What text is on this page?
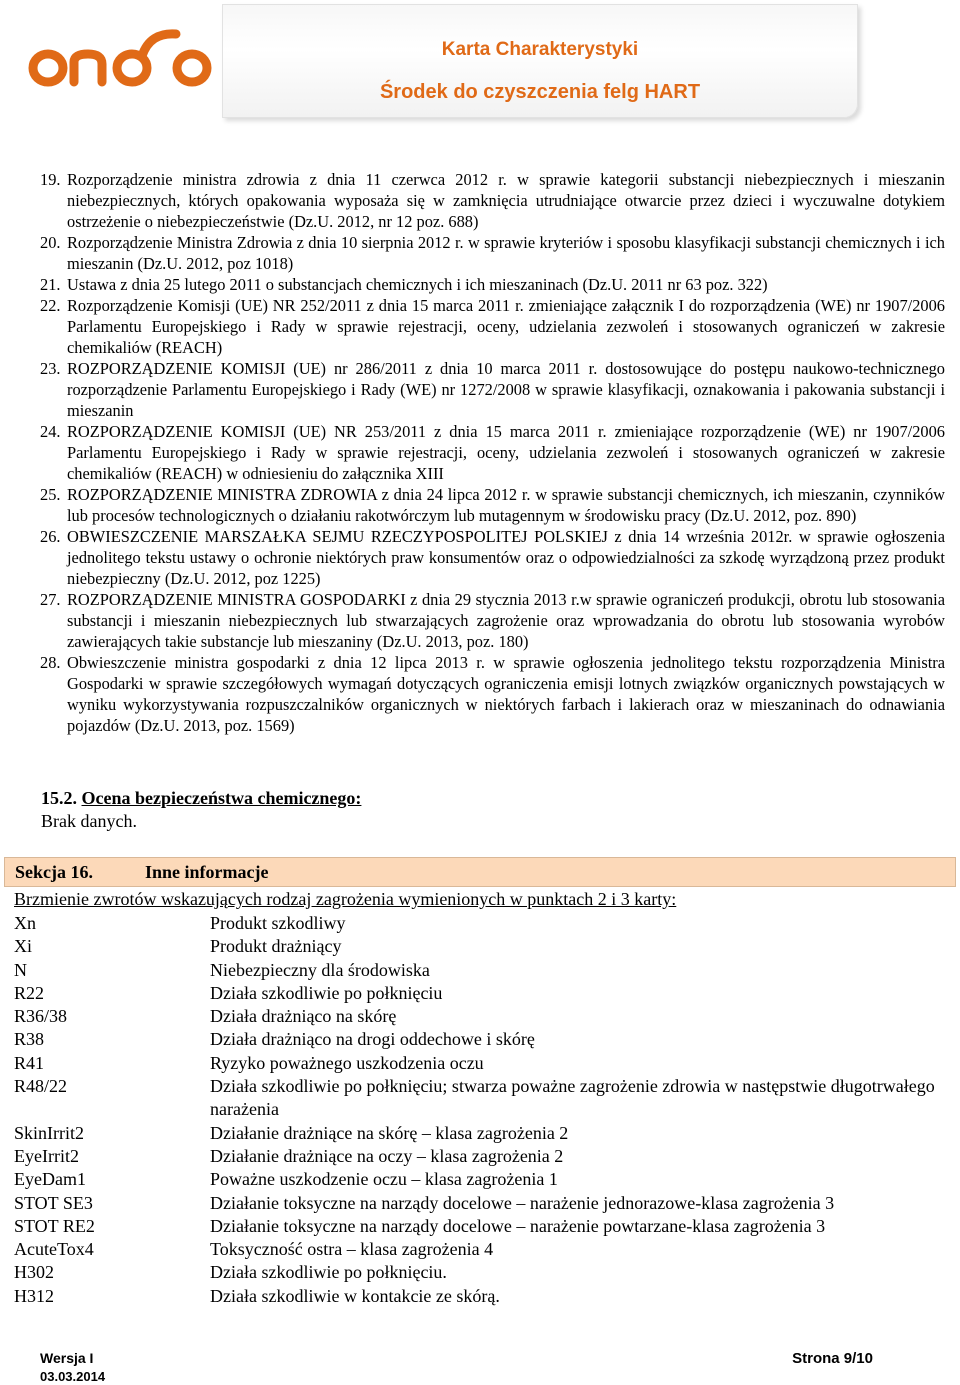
Karta Charakterystyki
Środek do czyszczenia felg HART
19. Rozporządzenie ministra zdrowia z dnia 11 czerwca 2012 r. w sprawie kategorii substancji niebezpiecznych i mieszanin niebezpiecznych, których opakowania wyposaża się w zamknięcia utrudniające otwarcie przez dzieci i wyczuwalne dotykiem ostrzeżenie o niebezpieczeństwie (Dz.U. 2012, nr 12 poz. 688)
20. Rozporządzenie Ministra Zdrowia z dnia 10 sierpnia 2012 r. w sprawie kryteriów i sposobu klasyfikacji substancji chemicznych i ich mieszanin (Dz.U. 2012, poz 1018)
21. Ustawa z dnia 25 lutego 2011 o substancjach chemicznych i ich mieszaninach (Dz.U. 2011 nr 63 poz. 322)
22. Rozporządzenie Komisji (UE) NR 252/2011 z dnia 15 marca 2011 r. zmieniające załącznik I do rozporządzenia (WE) nr 1907/2006 Parlamentu Europejskiego i Rady w sprawie rejestracji, oceny, udzielania zezwoleń i stosowanych ograniczeń w zakresie chemikaliów (REACH)
23. ROZPORZĄDZENIE KOMISJI (UE) nr 286/2011 z dnia 10 marca 2011 r. dostosowujące do postępu naukowo-technicznego rozporządzenie Parlamentu Europejskiego i Rady (WE) nr 1272/2008 w sprawie klasyfikacji, oznakowania i pakowania substancji i mieszanin
24. ROZPORZĄDZENIE KOMISJI (UE) NR 253/2011 z dnia 15 marca 2011 r. zmieniające rozporządzenie (WE) nr 1907/2006 Parlamentu Europejskiego i Rady w sprawie rejestracji, oceny, udzielania zezwoleń i stosowanych ograniczeń w zakresie chemikaliów (REACH) w odniesieniu do załącznika XIII
25. ROZPORZĄDZENIE MINISTRA ZDROWIA z dnia 24 lipca 2012 r. w sprawie substancji chemicznych, ich mieszanin, czynników lub procesów technologicznych o działaniu rakotwórczym lub mutagennym w środowisku pracy (Dz.U. 2012, poz. 890)
26. OBWIESZCZENIE MARSZAŁKA SEJMU RZECZYPOSPOLITEJ POLSKIEJ z dnia 14 września 2012r. w sprawie ogłoszenia jednolitego tekstu ustawy o ochronie niektórych praw konsumentów oraz o odpowiedzialności za szkodę wyrządzoną przez produkt niebezpieczny (Dz.U. 2012, poz 1225)
27. ROZPORZĄDZENIE MINISTRA GOSPODARKI z dnia 29 stycznia 2013 r.w sprawie ograniczeń produkcji, obrotu lub stosowania substancji i mieszanin niebezpiecznych lub stwarzających zagrożenie oraz wprowadzania do obrotu lub stosowania wyrobów zawierających takie substancje lub mieszaniny (Dz.U. 2013, poz. 180)
28. Obwieszczenie ministra gospodarki z dnia 12 lipca 2013 r. w sprawie ogłoszenia jednolitego tekstu rozporządzenia Ministra Gospodarki w sprawie szczegółowych wymagań dotyczących ograniczenia emisji lotnych związków organicznych powstających w wyniku wykorzystywania rozpuszczalników organicznych w niektórych farbach i lakierach oraz w mieszaninach do odnawiania pojazdów (Dz.U. 2013, poz. 1569)
15.2. Ocena bezpieczeństwa chemicznego:
Brak danych.
Sekcja 16.	Inne informacje
Brzmienie zwrotów wskazujących rodzaj zagrożenia wymienionych w punktach 2 i 3 karty:
Xn	Produkt szkodliwy
Xi	Produkt drażniący
N	Niebezpieczny dla środowiska
R22	Działa szkodliwie po połknięciu
R36/38	Działa drażniąco na skórę
R38	Działa drażniąco na drogi oddechowe i skórę
R41	Ryzyko poważnego uszkodzenia oczu
R48/22	Działa szkodliwie po połknięciu; stwarza poważne zagrożenie zdrowia w następstwie długotrwałego narażenia
SkinIrrit2	Działanie drażniące na skórę – klasa zagrożenia 2
EyeIrrit2	Działanie drażniące na oczy – klasa zagrożenia 2
EyeDam1	Poważne uszkodzenie oczu – klasa zagrożenia 1
STOT SE3	Działanie toksyczne na narządy docelowe – narażenie jednorazowe-klasa zagrożenia 3
STOT RE2	Działanie toksyczne na narządy docelowe – narażenie powtarzane-klasa zagrożenia 3
AcuteTox4	Toksyczność ostra – klasa zagrożenia 4
H302	Działa szkodliwie po połknięciu.
H312	Działa szkodliwie w kontakcie ze skórą.
Wersja I
03.03.2014
Strona 9/10
